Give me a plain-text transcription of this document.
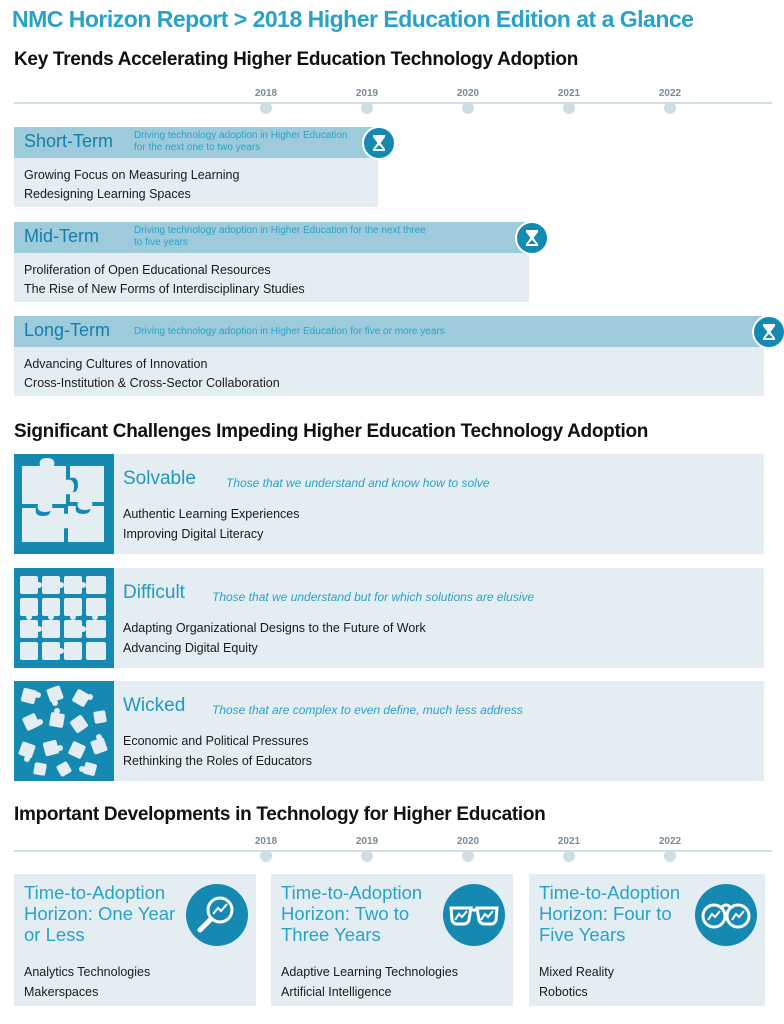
NMC Horizon Report > 2018 Higher Education Edition at a Glance
Key Trends Accelerating Higher Education Technology Adoption
2018	2019	2020	2021	2022
Short-Term Driving technology adoption in Higher Education for the next one to two years
Growing Focus on Measuring Learning
Redesigning Learning Spaces
Mid-Term	Driving technology adoption in Higher Education for the next three to five years
Proliferation of Open Educational Resources
The Rise of New Forms of Interdisciplinary Studies
Long-Term Driving technology adoption in Higher Education for five or more years
Advancing Cultures of Innovation
Cross-Institution & Cross-Sector Collaboration
Significant Challenges Impeding Higher Education Technology Adoption
Solvable	Those that we understand and know how to solve
Authentic Learning Experiences
Improving Digital Literacy
Difficult Those that we understand but for which solutions are elusive
Adapting Organizational Designs to the Future of Work
Advancing Digital Equity
Wicked Those that are complex to even define, much less address
Economic and Political Pressures
Rethinking the Roles of Educators
Important Developments in Technology for Higher Education
2018	2019	2020	2021	2022
Time-to-Adoption Horizon: One Year or Less
Analytics Technologies
Makerspaces
Time-to-Adoption Horizon: Two to Three Years
Adaptive Learning Technologies
Artificial Intelligence
Time-to-Adoption Horizon: Four to Five Years
Mixed Reality
Robotics
